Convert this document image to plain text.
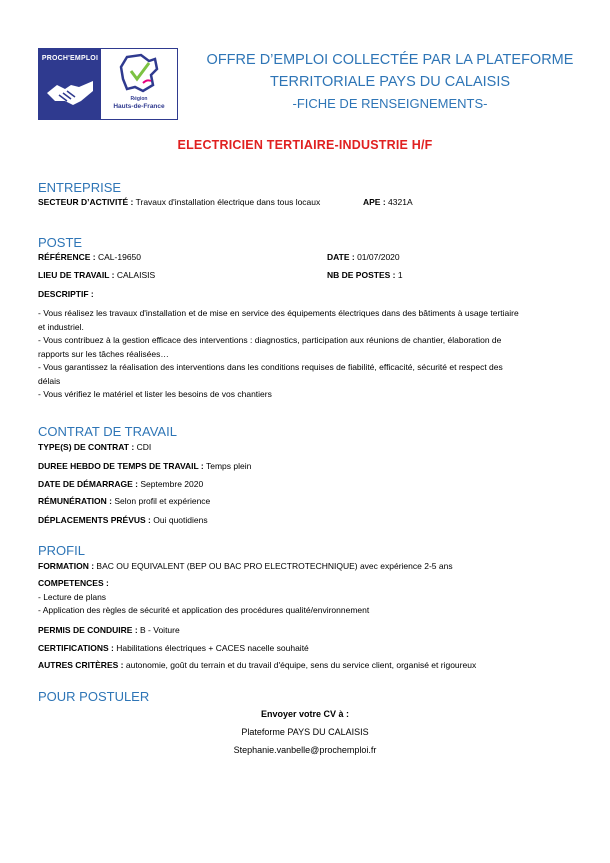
PROCH'EMPLOI
Région
Hauts-de-France
OFFRE D’EMPLOI COLLECTÉE PAR LA PLATEFORME
TERRITORIALE PAYS DU CALAISIS
-FICHE DE RENSEIGNEMENTS-
ELECTRICIEN TERTIAIRE-INDUSTRIE H/F
ENTREPRISE
SECTEUR D’ACTIVITÉ : Travaux d'installation électrique dans tous locaux	APE : 4321A
POSTE
RÉFÉRENCE : CAL-19650	DATE : 01/07/2020
LIEU DE TRAVAIL : CALAISIS	NB DE POSTES : 1
DESCRIPTIF :
- Vous réalisez les travaux d'installation et de mise en service des équipements électriques dans des bâtiments à usage tertiaire
et industriel.
- Vous contribuez à la gestion efficace des interventions : diagnostics, participation aux réunions de chantier, élaboration de
rapports sur les tâches réalisées…
- Vous garantissez la réalisation des interventions dans les conditions requises de fiabilité, efficacité, sécurité et respect des
délais
- Vous vérifiez le matériel et lister les besoins de vos chantiers
CONTRAT DE TRAVAIL
TYPE(S) DE CONTRAT : CDI
DUREE HEBDO DE TEMPS DE TRAVAIL : Temps plein
DATE DE DÉMARRAGE : Septembre 2020
RÉMUNÉRATION : Selon profil et expérience
DÉPLACEMENTS PRÉVUS : Oui quotidiens
PROFIL
FORMATION : BAC OU EQUIVALENT (BEP OU BAC PRO ELECTROTECHNIQUE) avec expérience 2-5 ans
COMPETENCES :
- Lecture de plans
- Application des règles de sécurité et application des procédures qualité/environnement
PERMIS DE CONDUIRE : B - Voiture
CERTIFICATIONS : Habilitations électriques + CACES nacelle souhaité
AUTRES CRITÈRES : autonomie, goût du terrain et du travail d'équipe, sens du service client, organisé et rigoureux
POUR POSTULER
Envoyer votre CV à :
Plateforme PAYS DU CALAISIS
Stephanie.vanbelle@prochemploi.fr
